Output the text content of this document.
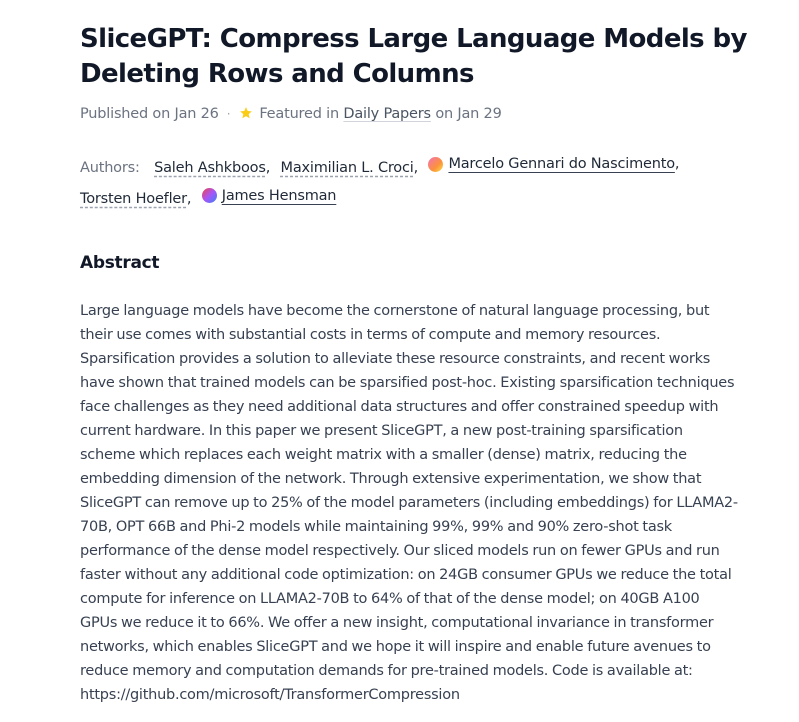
SliceGPT: Compress Large Language Models by Deleting Rows and Columns
Published on Jan 26 · Featured in
Daily Papers
on Jan 29
Authors: Saleh Ashkboos ,
Maximilian L. Croci ,
Marcelo Gennari do Nascimento ,

Torsten Hoefler ,
James Hensman
Abstract

Large language models have become the cornerstone of natural language processing, but their use comes with substantial costs in terms of compute and memory resources. Sparsification provides a solution to alleviate these resource constraints, and recent works have shown that trained models can be sparsified post-hoc. Existing sparsification techniques face challenges as they need additional data structures and offer constrained speedup with current hardware. In this paper we present SliceGPT, a new post-training sparsification scheme which replaces each weight matrix with a smaller (dense) matrix, reducing the embedding dimension of the network. Through extensive experimentation, we show that SliceGPT can remove up to 25% of the model parameters (including embeddings) for LLAMA2-70B, OPT 66B and Phi-2 models while maintaining 99%, 99% and 90% zero-shot task performance of the dense model respectively. Our sliced models run on fewer GPUs and run faster without any additional code optimization: on 24GB consumer GPUs we reduce the total compute for inference on LLAMA2-70B to 64% of that of the dense model; on 40GB A100 GPUs we reduce it to 66%. We offer a new insight, computational invariance in transformer networks, which enables SliceGPT and we hope it will inspire and enable future avenues to reduce memory and computation demands for pre-trained models. Code is available at: https://github.com/microsoft/TransformerCompression
